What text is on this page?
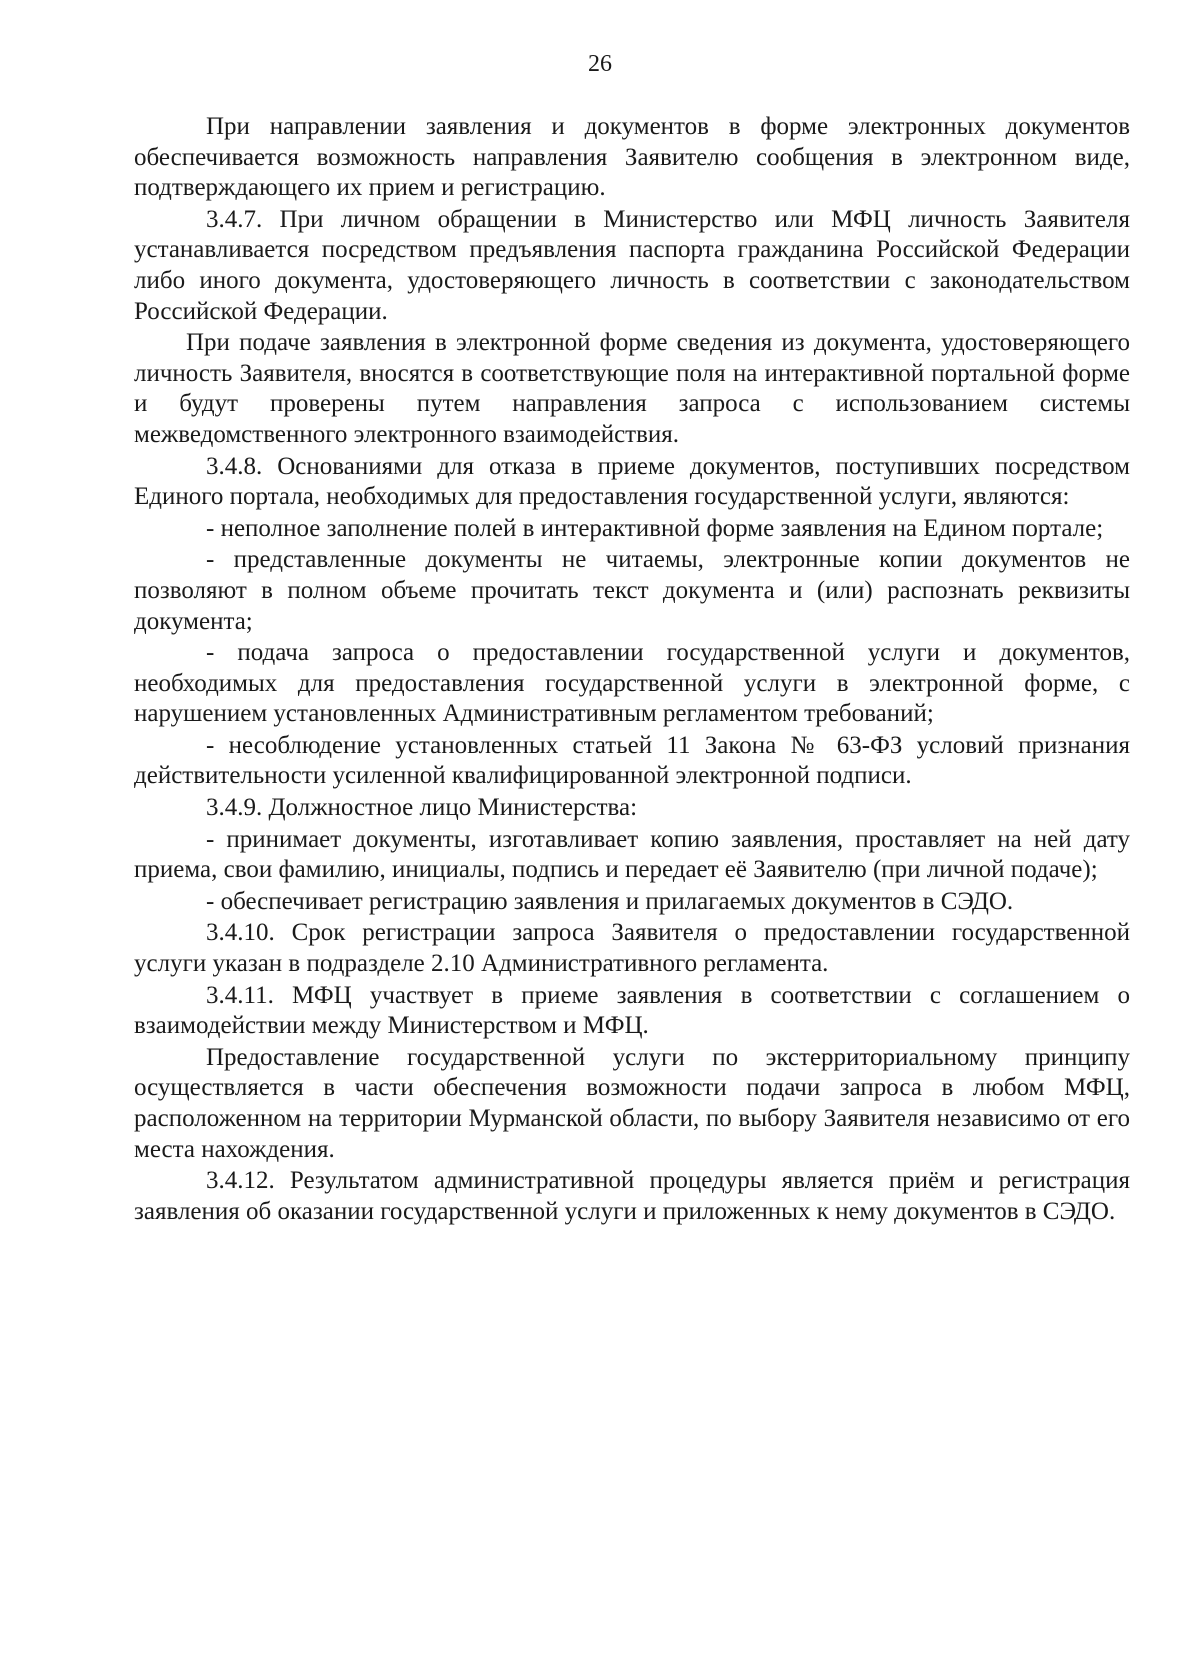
26

При направлении заявления и документов в форме электронных документов обеспечивается возможность направления Заявителю сообщения в электронном виде, подтверждающего их прием и регистрацию.

3.4.7. При личном обращении в Министерство или МФЦ личность Заявителя устанавливается посредством предъявления паспорта гражданина Российской Федерации либо иного документа, удостоверяющего личность в соответствии с законодательством Российской Федерации.

При подаче заявления в электронной форме сведения из документа, удостоверяющего личность Заявителя, вносятся в соответствующие поля на интерактивной портальной форме и будут проверены путем направления запроса с использованием системы межведомственного электронного взаимодействия.

3.4.8. Основаниями для отказа в приеме документов, поступивших посредством Единого портала, необходимых для предоставления государственной услуги, являются:

- неполное заполнение полей в интерактивной форме заявления на Едином портале;

- представленные документы не читаемы, электронные копии документов не позволяют в полном объеме прочитать текст документа и (или) распознать реквизиты документа;

- подача запроса о предоставлении государственной услуги и документов, необходимых для предоставления государственной услуги в электронной форме, с нарушением установленных Административным регламентом требований;

- несоблюдение установленных статьей 11 Закона № 63-ФЗ условий признания действительности усиленной квалифицированной электронной подписи.

3.4.9. Должностное лицо Министерства:

- принимает документы, изготавливает копию заявления, проставляет на ней дату приема, свои фамилию, инициалы, подпись и передает её Заявителю (при личной подаче);

- обеспечивает регистрацию заявления и прилагаемых документов в СЭДО.

3.4.10. Срок регистрации запроса Заявителя о предоставлении государственной услуги указан в подразделе 2.10 Административного регламента.

3.4.11. МФЦ участвует в приеме заявления в соответствии с соглашением о взаимодействии между Министерством и МФЦ.

Предоставление государственной услуги по экстерриториальному принципу осуществляется в части обеспечения возможности подачи запроса в любом МФЦ, расположенном на территории Мурманской области, по выбору Заявителя независимо от его места нахождения.

3.4.12. Результатом административной процедуры является приём и регистрация заявления об оказании государственной услуги и приложенных к нему документов в СЭДО.
